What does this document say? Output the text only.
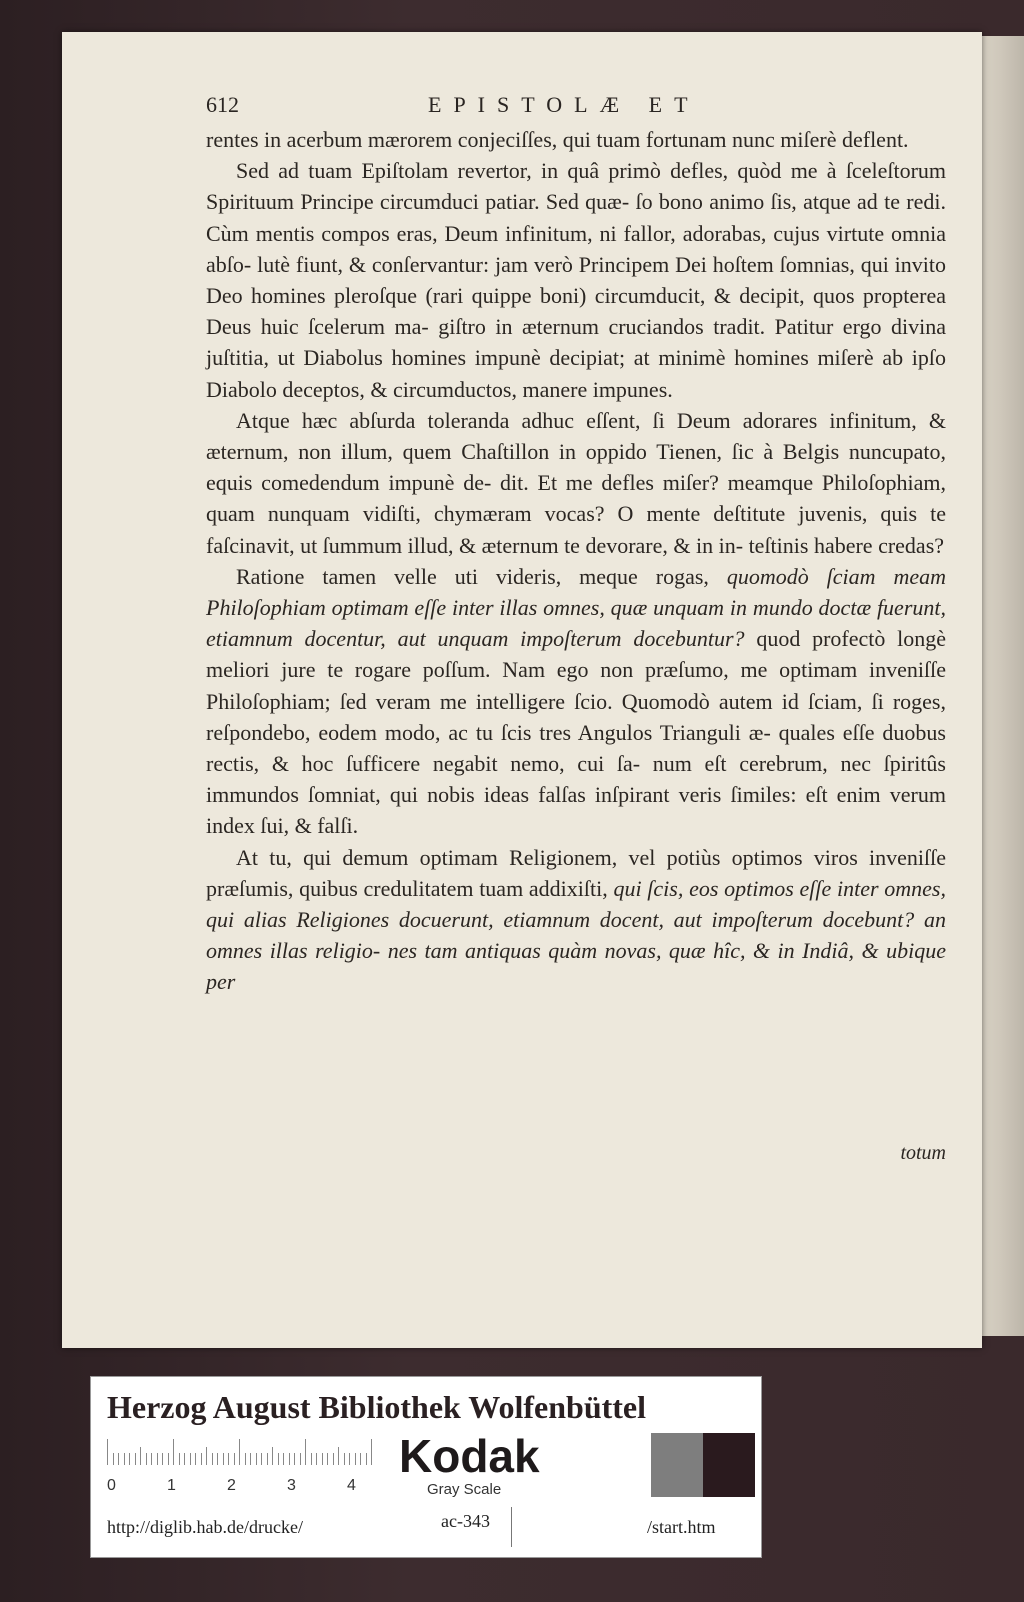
612	EPISTOLÆ ET

rentes in acerbum mærorem conjeciſſes, qui tuam fortunam nunc miſerè deflent.

Sed ad tuam Epiſtolam revertor, in quâ primò defles, quòd me à ſceleſtorum Spirituum Principe circumduci patiar. Sed quæ- ſo bono animo ſis, atque ad te redi. Cùm mentis compos eras, Deum infinitum, ni fallor, adorabas, cujus virtute omnia abſo- lutè fiunt, & conſervantur: jam verò Principem Dei hoſtem ſomnias, qui invito Deo homines pleroſque (rari quippe boni) circumducit, & decipit, quos propterea Deus huic ſcelerum ma- giſtro in æternum cruciandos tradit. Patitur ergo divina juſtitia, ut Diabolus homines impunè decipiat; at minimè homines miſerè ab ipſo Diabolo deceptos, & circumductos, manere impunes.

Atque hæc abſurda toleranda adhuc eſſent, ſi Deum adorares infinitum, & æternum, non illum, quem Chaſtillon in oppido Tienen, ſic à Belgis nuncupato, equis comedendum impunè de- dit. Et me defles miſer? meamque Philoſophiam, quam nunquam vidiſti, chymæram vocas? O mente deſtitute juvenis, quis te faſcinavit, ut ſummum illud, & æternum te devorare, & in in- teſtinis habere credas?

Ratione tamen velle uti videris, meque rogas, quomodò ſciam meam Philoſophiam optimam eſſe inter illas omnes, quæ unquam in mundo doctæ fuerunt, etiamnum docentur, aut unquam impoſterum docebuntur? quod profectò longè meliori jure te rogare poſſum. Nam ego non præſumo, me optimam inveniſſe Philoſophiam; ſed veram me intelligere ſcio. Quomodò autem id ſciam, ſi roges, reſpondebo, eodem modo, ac tu ſcis tres Angulos Trianguli æ- quales eſſe duobus rectis, & hoc ſufficere negabit nemo, cui ſa- num eſt cerebrum, nec ſpiritûs immundos ſomniat, qui nobis ideas falſas inſpirant veris ſimiles: eſt enim verum index ſui, & falſi.

At tu, qui demum optimam Religionem, vel potiùs optimos viros inveniſſe præſumis, quibus credulitatem tuam addixiſti, qui ſcis, eos optimos eſſe inter omnes, qui alias Religiones docuerunt, etiamnum docent, aut impoſterum docebunt? an omnes illas religio- nes tam antiquas quàm novas, quæ hîc, & in Indiâ, & ubique per

totum
Herzog August Bibliothek Wolfenbüttel
0	1	2	3	4
Kodak
Gray Scale
http://diglib.hab.de/drucke/	ac-343	/start.htm
